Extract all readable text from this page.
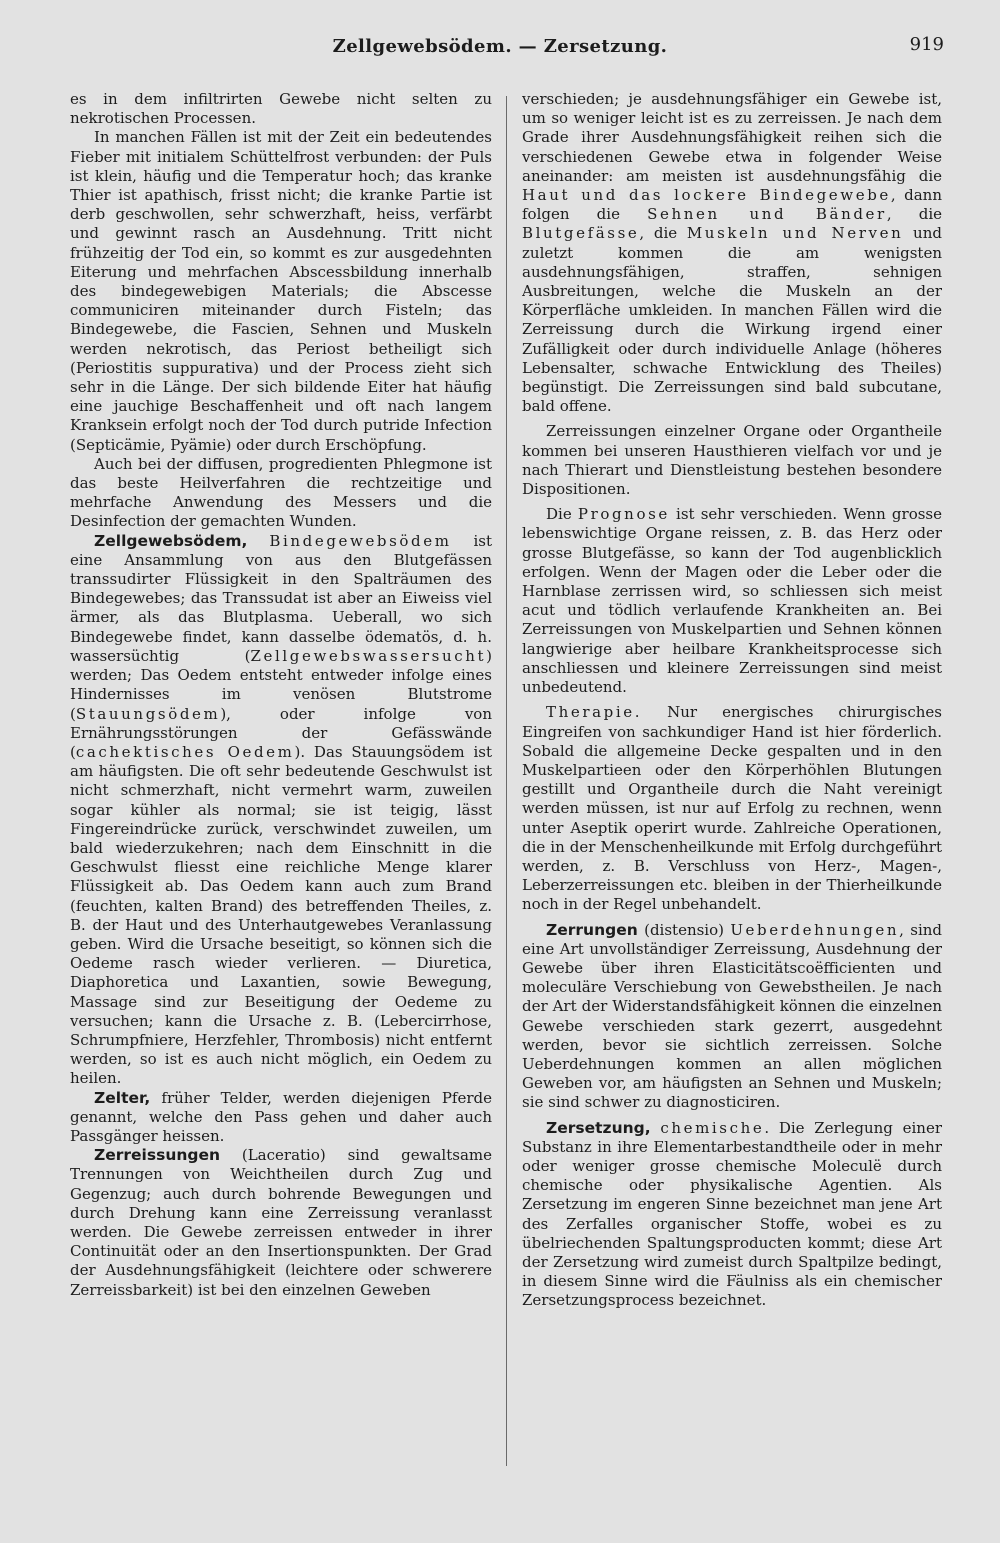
Zellgewebsödem. — Zersetzung.	919

es in dem infiltrirten Gewebe nicht selten zu nekrotischen Processen.

In manchen Fällen ist mit der Zeit ein bedeutendes Fieber mit initialem Schüttelfrost verbunden: der Puls ist klein, häufig und die Temperatur hoch; das kranke Thier ist apathisch, frisst nicht; die kranke Partie ist derb geschwollen, sehr schwerzhaft, heiss, verfärbt und gewinnt rasch an Ausdehnung. Tritt nicht frühzeitig der Tod ein, so kommt es zur ausgedehnten Eiterung und mehrfachen Abscessbildung innerhalb des bindegewebigen Materials; die Abscesse communiciren miteinander durch Fisteln; das Bindegewebe, die Fascien, Sehnen und Muskeln werden nekrotisch, das Periost betheiligt sich (Periostitis suppurativa) und der Process zieht sich sehr in die Länge. Der sich bildende Eiter hat häufig eine jauchige Beschaffenheit und oft nach langem Kranksein erfolgt noch der Tod durch putride Infection (Septicämie, Pyämie) oder durch Erschöpfung.

Auch bei der diffusen, progredienten Phlegmone ist das beste Heilverfahren die rechtzeitige und mehrfache Anwendung des Messers und die Desinfection der gemachten Wunden.

Zellgewebsödem, Bindegewebsödem ist eine Ansammlung von aus den Blutgefässen transsudirter Flüssigkeit in den Spalträumen des Bindegewebes; das Transsudat ist aber an Eiweiss viel ärmer, als das Blutplasma. Ueberall, wo sich Bindegewebe findet, kann dasselbe ödematös, d. h. wassersüchtig (Zellgewebswassersucht) werden; Das Oedem entsteht entweder infolge eines Hindernisses im venösen Blutstrome (Stauungsödem), oder infolge von Ernährungsstörungen der Gefässwände (cachektisches Oedem). Das Stauungsödem ist am häufigsten. Die oft sehr bedeutende Geschwulst ist nicht schmerzhaft, nicht vermehrt warm, zuweilen sogar kühler als normal; sie ist teigig, lässt Fingereindrücke zurück, verschwindet zuweilen, um bald wiederzukehren; nach dem Einschnitt in die Geschwulst fliesst eine reichliche Menge klarer Flüssigkeit ab. Das Oedem kann auch zum Brand (feuchten, kalten Brand) des betreffenden Theiles, z. B. der Haut und des Unterhautgewebes Veranlassung geben. Wird die Ursache beseitigt, so können sich die Oedeme rasch wieder verlieren. — Diuretica, Diaphoretica und Laxantien, sowie Bewegung, Massage sind zur Beseitigung der Oedeme zu versuchen; kann die Ursache z. B. (Lebercirrhose, Schrumpfniere, Herzfehler, Thrombosis) nicht entfernt werden, so ist es auch nicht möglich, ein Oedem zu heilen.

Zelter, früher Telder, werden diejenigen Pferde genannt, welche den Pass gehen und daher auch Passgänger heissen.

Zerreissungen (Laceratio) sind gewaltsame Trennungen von Weichtheilen durch Zug und Gegenzug; auch durch bohrende Bewegungen und durch Drehung kann eine Zerreissung veranlasst werden. Die Gewebe zerreissen entweder in ihrer Continuität oder an den Insertionspunkten. Der Grad der Ausdehnungsfähigkeit (leichtere oder schwerere Zerreissbarkeit) ist bei den einzelnen Geweben

verschieden; je ausdehnungsfähiger ein Gewebe ist, um so weniger leicht ist es zu zerreissen. Je nach dem Grade ihrer Ausdehnungsfähigkeit reihen sich die verschiedenen Gewebe etwa in folgender Weise aneinander: am meisten ist ausdehnungsfähig die Haut und das lockere Bindegewebe, dann folgen die Sehnen und Bänder, die Blutgefässe, die Muskeln und Nerven und zuletzt kommen die am wenigsten ausdehnungsfähigen, straffen, sehnigen Ausbreitungen, welche die Muskeln an der Körperfläche umkleiden. In manchen Fällen wird die Zerreissung durch die Wirkung irgend einer Zufälligkeit oder durch individuelle Anlage (höheres Lebensalter, schwache Entwicklung des Theiles) begünstigt. Die Zerreissungen sind bald subcutane, bald offene.

Zerreissungen einzelner Organe oder Organtheile kommen bei unseren Hausthieren vielfach vor und je nach Thierart und Dienstleistung bestehen besondere Dispositionen.

Die Prognose ist sehr verschieden. Wenn grosse lebenswichtige Organe reissen, z. B. das Herz oder grosse Blutgefässe, so kann der Tod augenblicklich erfolgen. Wenn der Magen oder die Leber oder die Harnblase zerrissen wird, so schliessen sich meist acut und tödlich verlaufende Krankheiten an. Bei Zerreissungen von Muskelpartien und Sehnen können langwierige aber heilbare Krankheitsprocesse sich anschliessen und kleinere Zerreissungen sind meist unbedeutend.

Therapie. Nur energisches chirurgisches Eingreifen von sachkundiger Hand ist hier förderlich. Sobald die allgemeine Decke gespalten und in den Muskelpartieen oder den Körperhöhlen Blutungen gestillt und Organtheile durch die Naht vereinigt werden müssen, ist nur auf Erfolg zu rechnen, wenn unter Aseptik operirt wurde. Zahlreiche Operationen, die in der Menschenheilkunde mit Erfolg durchgeführt werden, z. B. Verschluss von Herz-, Magen-, Leberzerreissungen etc. bleiben in der Thierheilkunde noch in der Regel unbehandelt.

Zerrungen (distensio) Ueberdehnungen, sind eine Art unvollständiger Zerreissung, Ausdehnung der Gewebe über ihren Elasticitätscoëfficienten und moleculäre Verschiebung von Gewebstheilen. Je nach der Art der Widerstandsfähigkeit können die einzelnen Gewebe verschieden stark gezerrt, ausgedehnt werden, bevor sie sichtlich zerreissen. Solche Ueberdehnungen kommen an allen möglichen Geweben vor, am häufigsten an Sehnen und Muskeln; sie sind schwer zu diagnosticiren.

Zersetzung, chemische. Die Zerlegung einer Substanz in ihre Elementarbestandtheile oder in mehr oder weniger grosse chemische Moleculë durch chemische oder physikalische Agentien. Als Zersetzung im engeren Sinne bezeichnet man jene Art des Zerfalles organischer Stoffe, wobei es zu übelriechenden Spaltungsproducten kommt; diese Art der Zersetzung wird zumeist durch Spaltpilze bedingt, in diesem Sinne wird die Fäulniss als ein chemischer Zersetzungsprocess bezeichnet.
